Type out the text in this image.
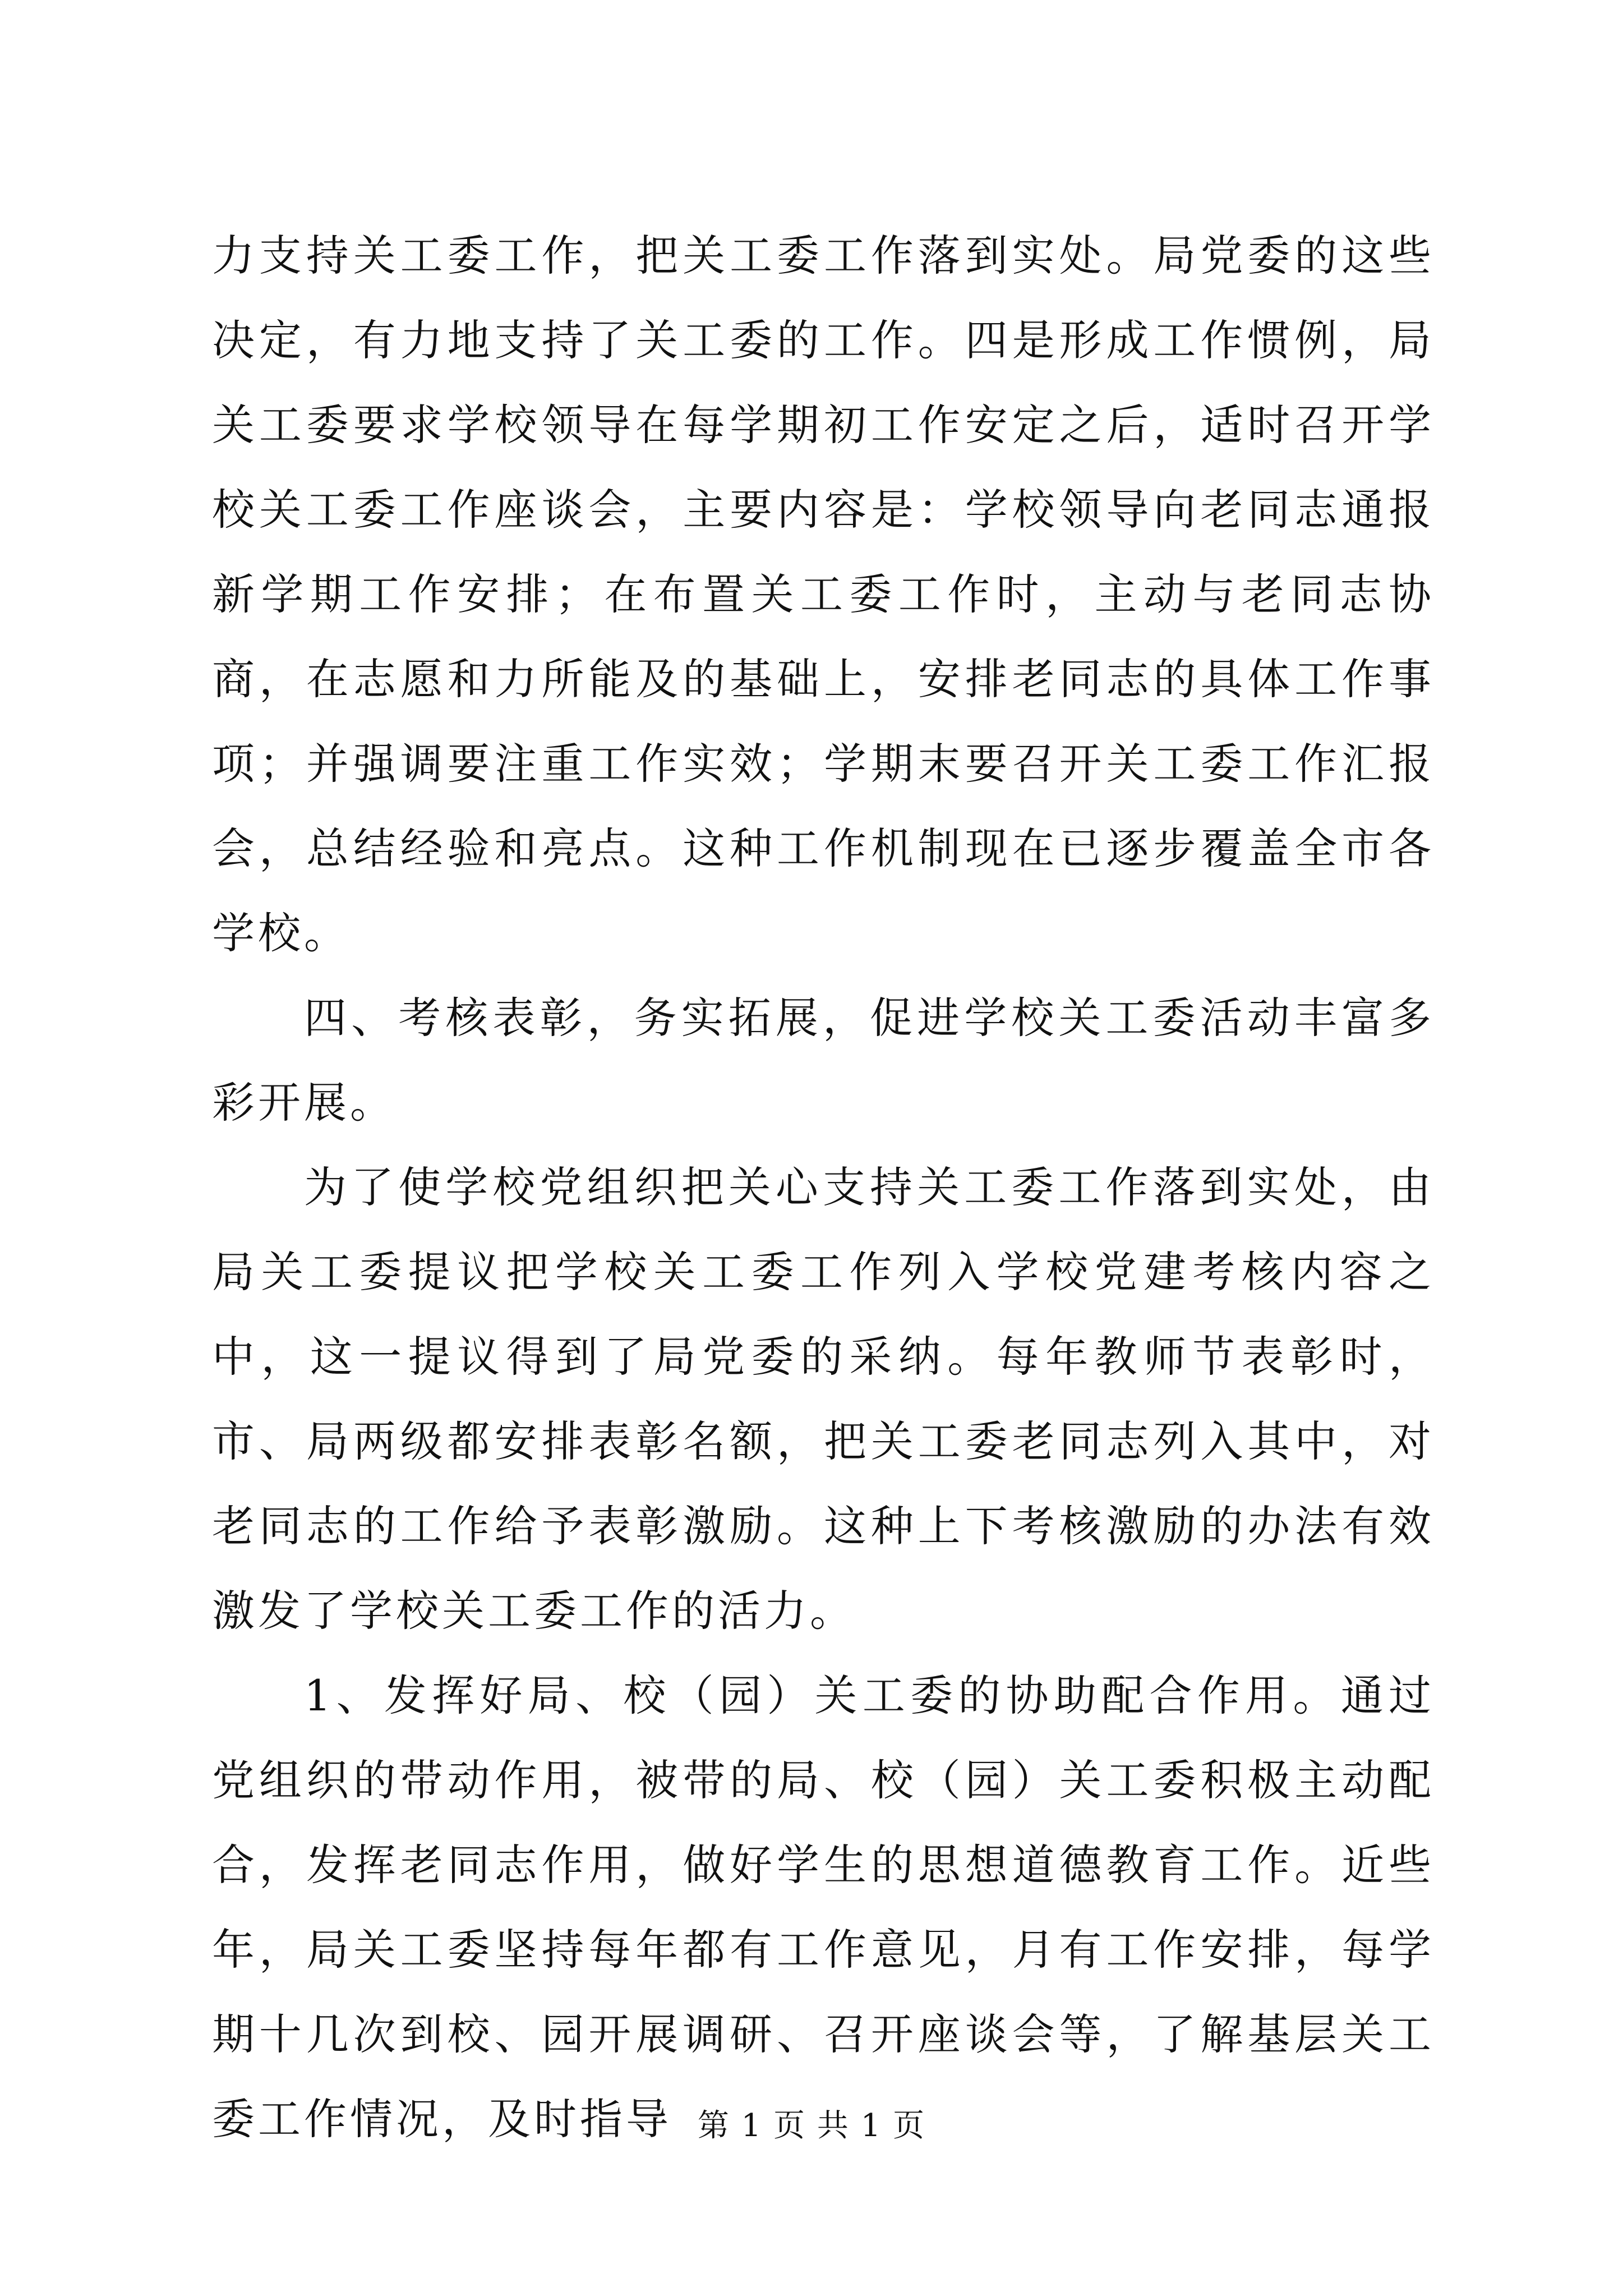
力支持关工委工作，把关工委工作落到实处。局党委的这些决定，有力地支持了关工委的工作。四是形成工作惯例，局关工委要求学校领导在每学期初工作安定之后，适时召开学校关工委工作座谈会，主要内容是：学校领导向老同志通报新学期工作安排；在布置关工委工作时，主动与老同志协商，在志愿和力所能及的基础上，安排老同志的具体工作事项；并强调要注重工作实效；学期末要召开关工委工作汇报会，总结经验和亮点。这种工作机制现在已逐步覆盖全市各学校。

四、考核表彰，务实拓展，促进学校关工委活动丰富多彩开展。

为了使学校党组织把关心支持关工委工作落到实处，由局关工委提议把学校关工委工作列入学校党建考核内容之中，这一提议得到了局党委的采纳。每年教师节表彰时，市、局两级都安排表彰名额，把关工委老同志列入其中，对老同志的工作给予表彰激励。这种上下考核激励的办法有效激发了学校关工委工作的活力。

1、发挥好局、校（园）关工委的协助配合作用。通过党组织的带动作用，被带的局、校（园）关工委积极主动配合，发挥老同志作用，做好学生的思想道德教育工作。近些年，局关工委坚持每年都有工作意见，月有工作安排，每学期十几次到校、园开展调研、召开座谈会等，了解基层关工委工作情况，及时指导 第 1 页 共 1 页
